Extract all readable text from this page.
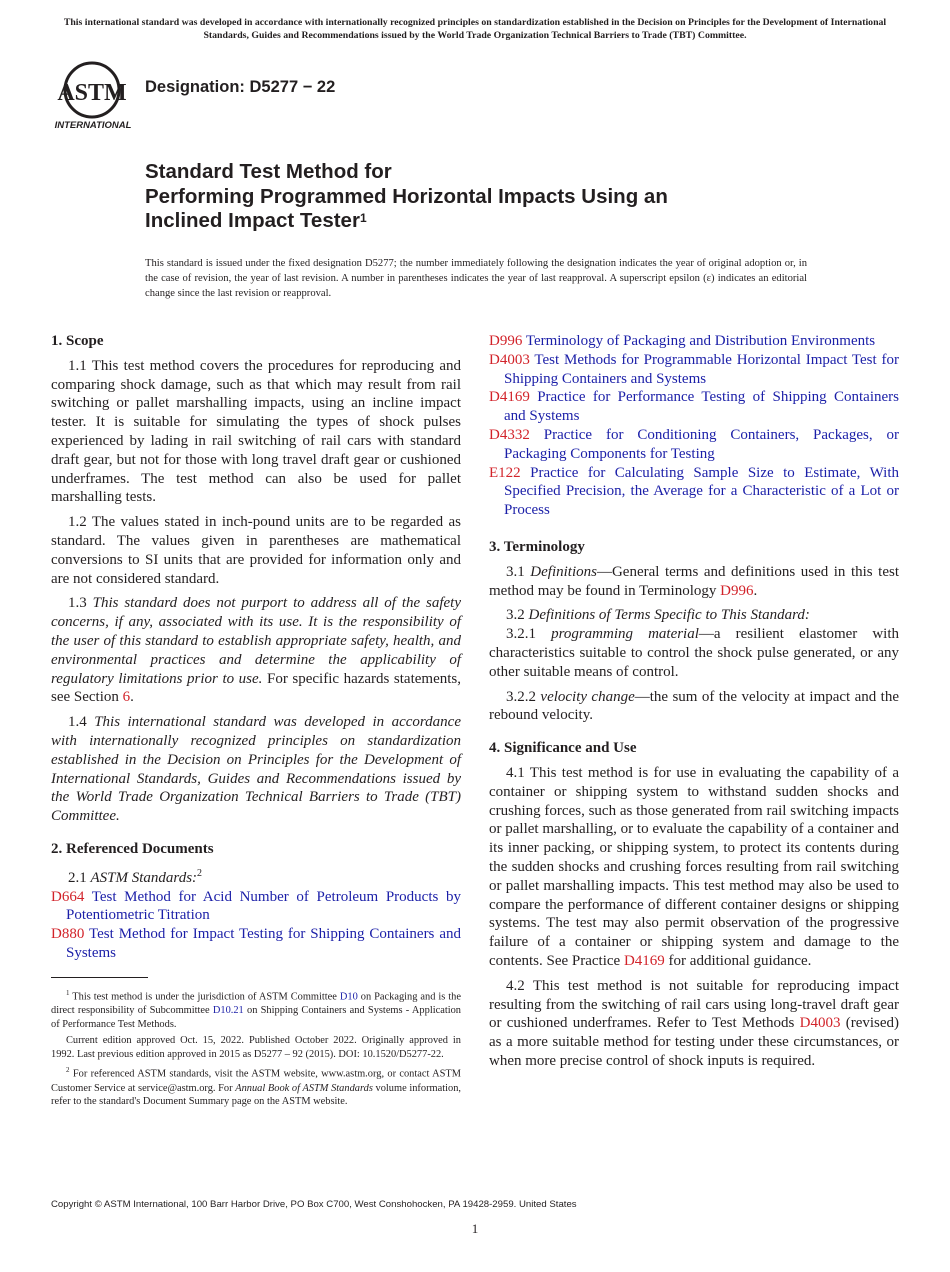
This international standard was developed in accordance with internationally recognized principles on standardization established in the Decision on Principles for the Development of International Standards, Guides and Recommendations issued by the World Trade Organization Technical Barriers to Trade (TBT) Committee.
ASTM
INTERNATIONAL
Designation: D5277 − 22
Standard Test Method for
Performing Programmed Horizontal Impacts Using an
Inclined Impact Tester$^1$
This standard is issued under the fixed designation D5277; the number immediately following the designation indicates the year of original adoption or, in the case of revision, the year of last revision. A number in parentheses indicates the year of last reapproval. A superscript epsilon (ε) indicates an editorial change since the last revision or reapproval.
1. Scope

1.1 This test method covers the procedures for reproducing and comparing shock damage, such as that which may result from rail switching or pallet marshalling impacts, using an incline impact tester. It is suitable for simulating the types of shock pulses experienced by lading in rail switching of rail cars with standard draft gear, but not for those with long travel draft gear or cushioned underframes. The test method can also be used for pallet marshalling tests.

1.2 The values stated in inch-pound units are to be regarded as standard. The values given in parentheses are mathematical conversions to SI units that are provided for information only and are not considered standard.

1.3 This standard does not purport to address all of the safety concerns, if any, associated with its use. It is the responsibility of the user of this standard to establish appropriate safety, health, and environmental practices and determine the applicability of regulatory limitations prior to use. For specific hazards statements, see Section 6.

1.4 This international standard was developed in accordance with internationally recognized principles on standardization established in the Decision on Principles for the Development of International Standards, Guides and Recommendations issued by the World Trade Organization Technical Barriers to Trade (TBT) Committee.

2. Referenced Documents

2.1 ASTM Standards:$^2$

D664 Test Method for Acid Number of Petroleum Products by Potentiometric Titration

D880 Test Method for Impact Testing for Shipping Containers and Systems

$^1$ This test method is under the jurisdiction of ASTM Committee D10 on Packaging and is the direct responsibility of Subcommittee D10.21 on Shipping Containers and Systems - Application of Performance Test Methods.

Current edition approved Oct. 15, 2022. Published October 2022. Originally approved in 1992. Last previous edition approved in 2015 as D5277 – 92 (2015). DOI: 10.1520/D5277-22.

$^2$ For referenced ASTM standards, visit the ASTM website, www.astm.org, or contact ASTM Customer Service at service@astm.org. For Annual Book of ASTM Standards volume information, refer to the standard's Document Summary page on the ASTM website.

D996 Terminology of Packaging and Distribution Environments

D4003 Test Methods for Programmable Horizontal Impact Test for Shipping Containers and Systems

D4169 Practice for Performance Testing of Shipping Containers and Systems

D4332 Practice for Conditioning Containers, Packages, or Packaging Components for Testing

E122 Practice for Calculating Sample Size to Estimate, With Specified Precision, the Average for a Characteristic of a Lot or Process

3. Terminology

3.1 Definitions—General terms and definitions used in this test method may be found in Terminology D996.

3.2 Definitions of Terms Specific to This Standard:

3.2.1 programming material—a resilient elastomer with characteristics suitable to control the shock pulse generated, or any other suitable means of control.

3.2.2 velocity change—the sum of the velocity at impact and the rebound velocity.

4. Significance and Use

4.1 This test method is for use in evaluating the capability of a container or shipping system to withstand sudden shocks and crushing forces, such as those generated from rail switching impacts or pallet marshalling, or to evaluate the capability of a container and its inner packing, or shipping system, to protect its contents during the sudden shocks and crushing forces resulting from rail switching or pallet marshalling impacts. This test method may also be used to compare the performance of different container designs or shipping systems. The test may also permit observation of the progressive failure of a container or shipping system and damage to the contents. See Practice D4169 for additional guidance.

4.2 This test method is not suitable for reproducing impact resulting from the switching of rail cars using long-travel draft gear or cushioned underframes. Refer to Test Methods D4003 (revised) as a more suitable method for testing under these circumstances, or when more precise control of shock inputs is required.

Copyright © ASTM International, 100 Barr Harbor Drive, PO Box C700, West Conshohocken, PA 19428-2959. United States
1
